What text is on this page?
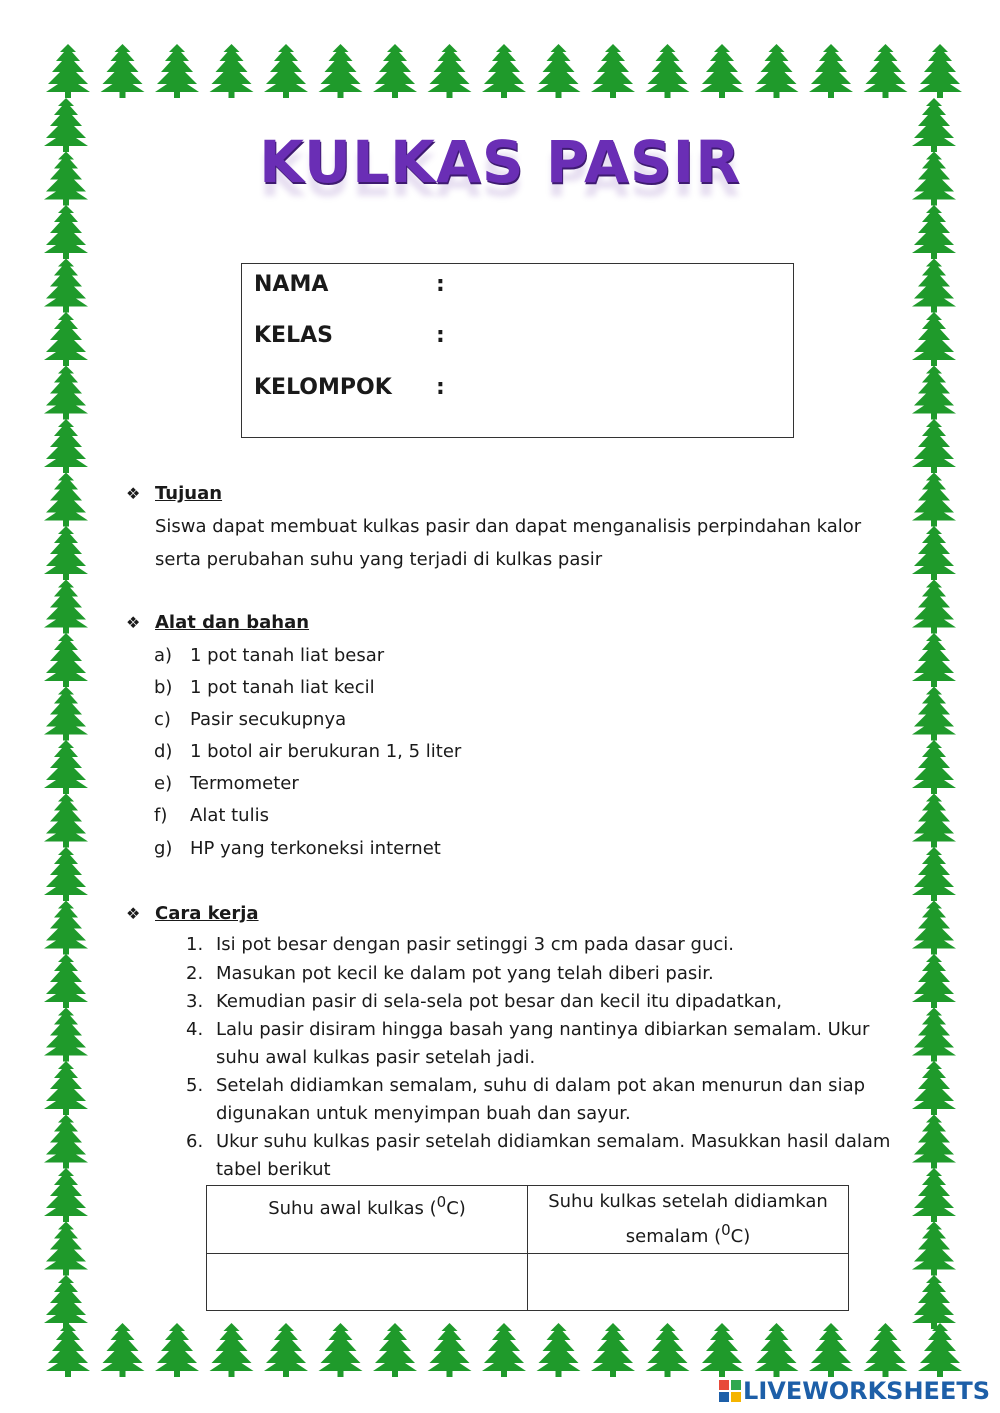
KULKAS PASIR
NAMA	:
KELAS	:
KELOMPOK :
❖ Tujuan
Siswa dapat membuat kulkas pasir dan dapat menganalisis perpindahan kalor
serta perubahan suhu yang terjadi di kulkas pasir
❖ Alat dan bahan
a) 1 pot tanah liat besar
b) 1 pot tanah liat kecil
c) Pasir secukupnya
d) 1 botol air berukuran 1, 5 liter
e) Termometer
f) Alat tulis
g) HP yang terkoneksi internet
❖ Cara kerja
1. Isi pot besar dengan pasir setinggi 3 cm pada dasar guci.
2. Masukan pot kecil ke dalam pot yang telah diberi pasir.
3. Kemudian pasir di sela-sela pot besar dan kecil itu dipadatkan,
4. Lalu pasir disiram hingga basah yang nantinya dibiarkan semalam. Ukur suhu awal kulkas pasir setelah jadi.
5. Setelah didiamkan semalam, suhu di dalam pot akan menurun dan siap digunakan untuk menyimpan buah dan sayur.
6. Ukur suhu kulkas pasir setelah didiamkan semalam. Masukkan hasil dalam tabel berikut
Suhu awal kulkas ($^0$C)	Suhu kulkas setelah didiamkan
semalam ($^0$C)

LIVEWORKSHEETS
